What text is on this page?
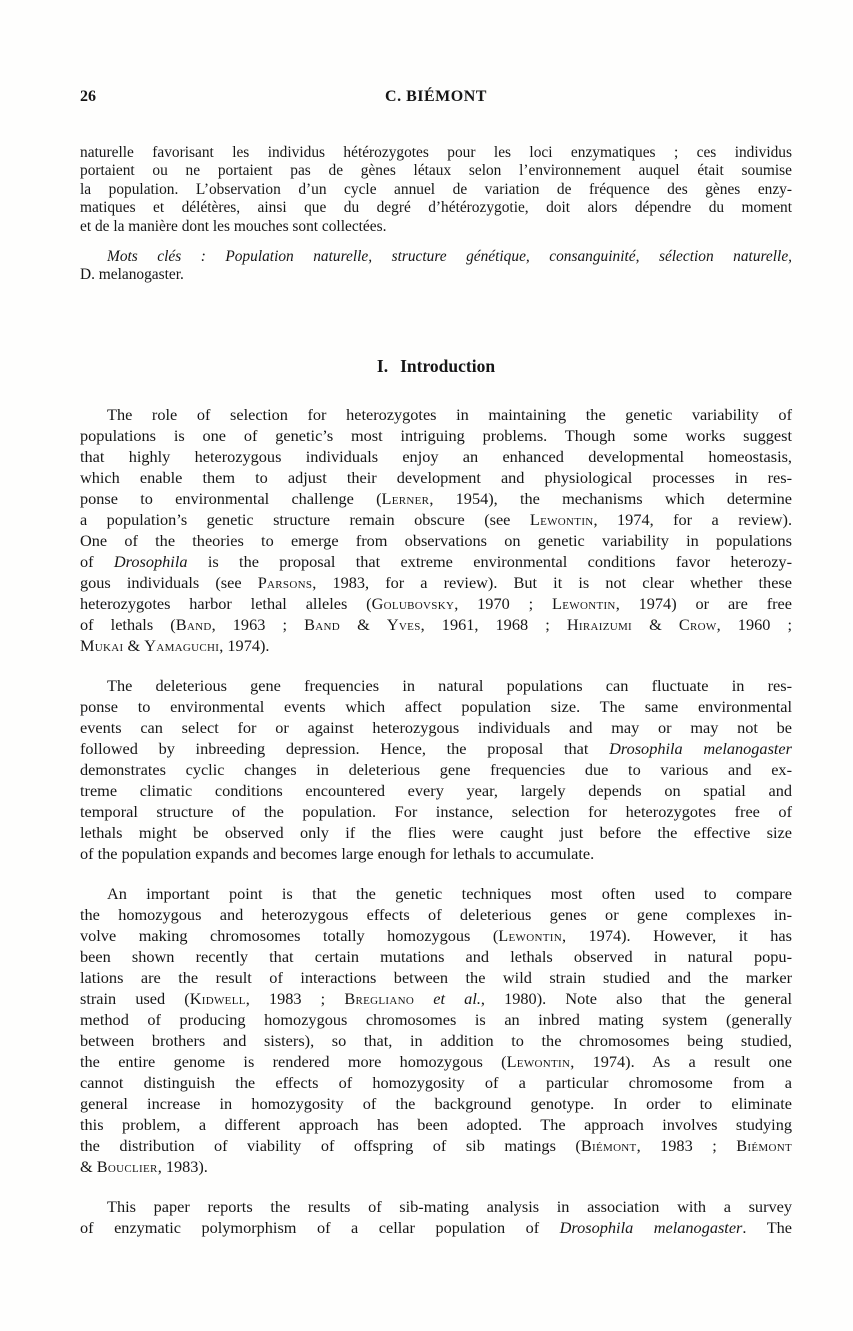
26	C. BIÉMONT
naturelle favorisant les individus hétérozygotes pour les loci enzymatiques ; ces individus
portaient ou ne portaient pas de gènes létaux selon l’environnement auquel était soumise
la population. L’observation d’un cycle annuel de variation de fréquence des gènes enzy-
matiques et délétères, ainsi que du degré d’hétérozygotie, doit alors dépendre du moment
et de la manière dont les mouches sont collectées.
Mots clés : Population naturelle, structure génétique, consanguinité, sélection naturelle,
D. melanogaster.
I. Introduction
The role of selection for heterozygotes in maintaining the genetic variability of
populations is one of genetic’s most intriguing problems. Though some works suggest
that highly heterozygous individuals enjoy an enhanced developmental homeostasis,
which enable them to adjust their development and physiological processes in res-
ponse to environmental challenge (Lerner, 1954), the mechanisms which determine
a population’s genetic structure remain obscure (see Lewontin, 1974, for a review).
One of the theories to emerge from observations on genetic variability in populations
of Drosophila is the proposal that extreme environmental conditions favor heterozy-
gous individuals (see Parsons, 1983, for a review). But it is not clear whether these
heterozygotes harbor lethal alleles (Golubovsky, 1970 ; Lewontin, 1974) or are free
of lethals (Band, 1963 ; Band & Yves, 1961, 1968 ; Hiraizumi & Crow, 1960 ;
Mukai & Yamaguchi, 1974).
The deleterious gene frequencies in natural populations can fluctuate in res-
ponse to environmental events which affect population size. The same environmental
events can select for or against heterozygous individuals and may or may not be
followed by inbreeding depression. Hence, the proposal that Drosophila melanogaster
demonstrates cyclic changes in deleterious gene frequencies due to various and ex-
treme climatic conditions encountered every year, largely depends on spatial and
temporal structure of the population. For instance, selection for heterozygotes free of
lethals might be observed only if the flies were caught just before the effective size
of the population expands and becomes large enough for lethals to accumulate.
An important point is that the genetic techniques most often used to compare
the homozygous and heterozygous effects of deleterious genes or gene complexes in-
volve making chromosomes totally homozygous (Lewontin, 1974). However, it has
been shown recently that certain mutations and lethals observed in natural popu-
lations are the result of interactions between the wild strain studied and the marker
strain used (Kidwell, 1983 ; Bregliano et al., 1980). Note also that the general
method of producing homozygous chromosomes is an inbred mating system (generally
between brothers and sisters), so that, in addition to the chromosomes being studied,
the entire genome is rendered more homozygous (Lewontin, 1974). As a result one
cannot distinguish the effects of homozygosity of a particular chromosome from a
general increase in homozygosity of the background genotype. In order to eliminate
this problem, a different approach has been adopted. The approach involves studying
the distribution of viability of offspring of sib matings (Biémont, 1983 ; Biémont
& Bouclier, 1983).
This paper reports the results of sib-mating analysis in association with a survey
of enzymatic polymorphism of a cellar population of Drosophila melanogaster. The
